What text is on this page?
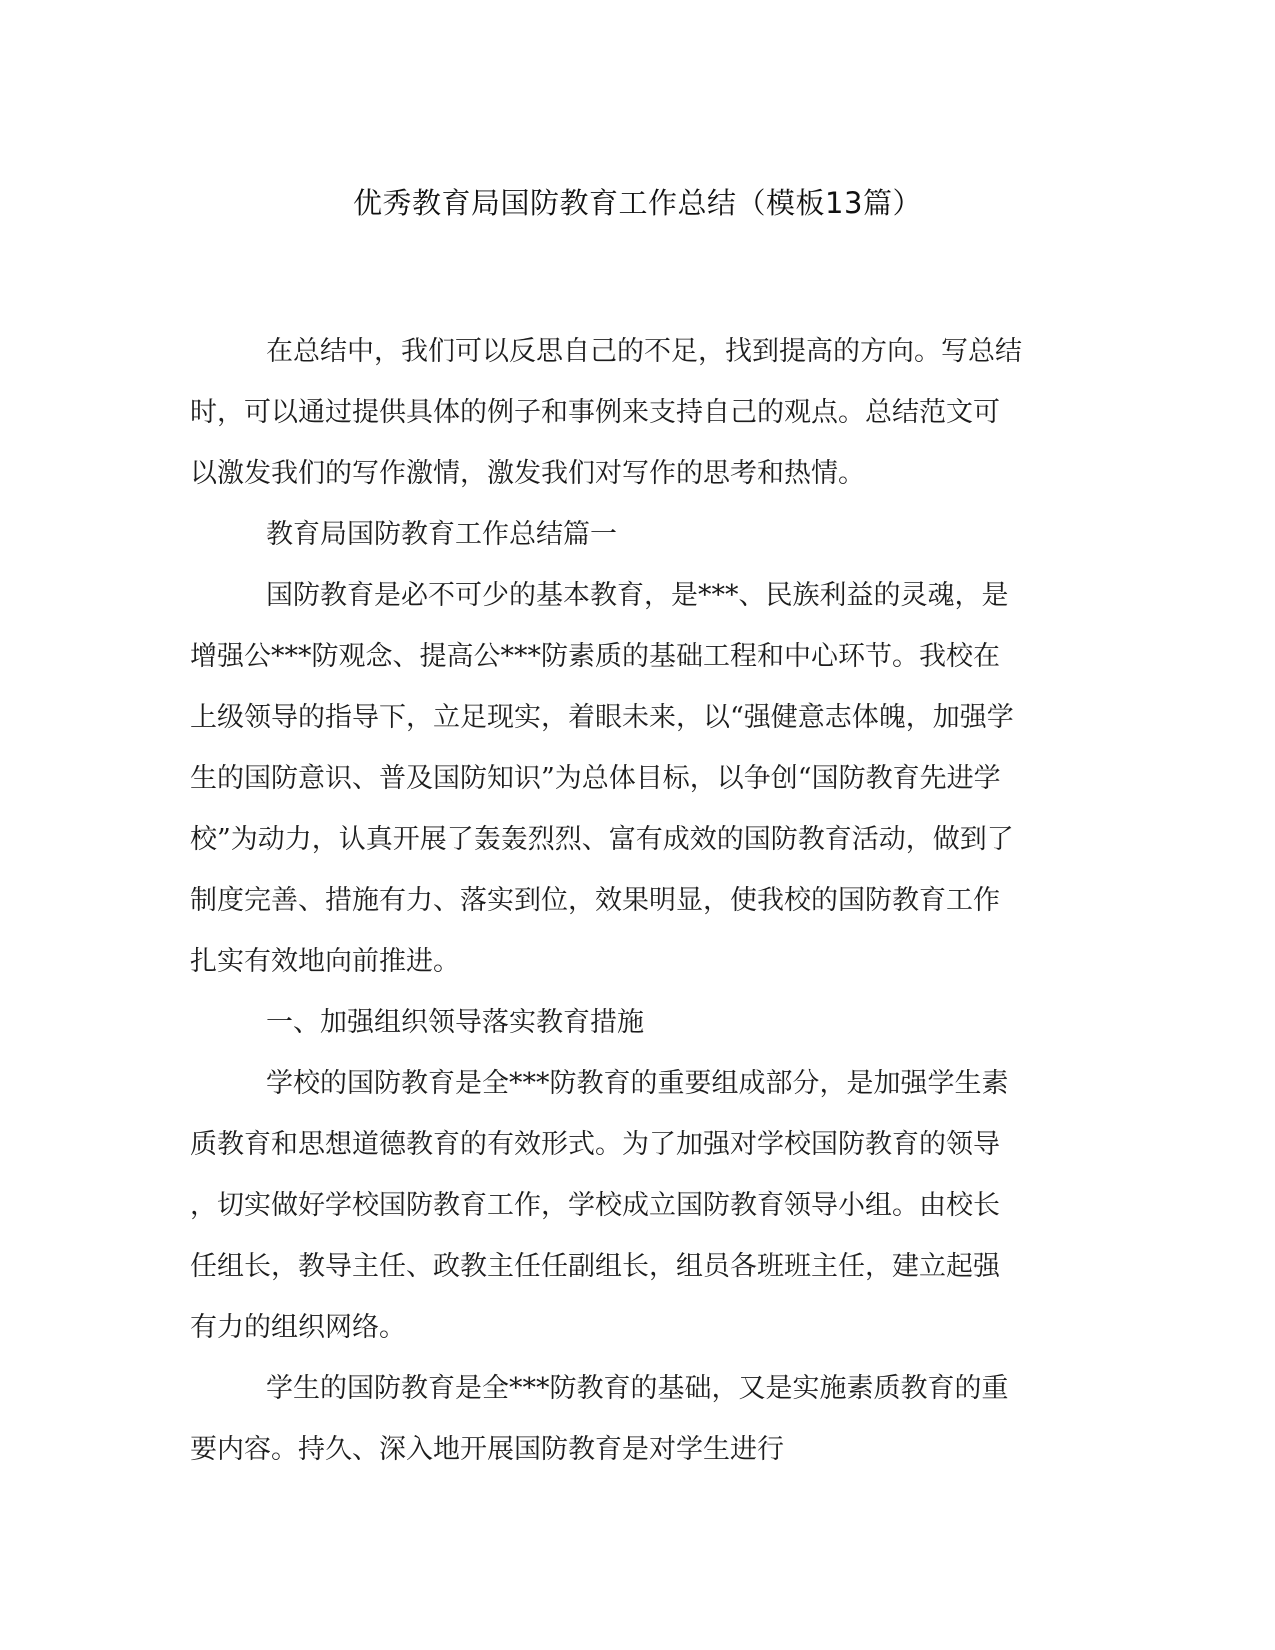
优秀教育局国防教育工作总结（模板13篇）
在总结中，我们可以反思自己的不足，找到提高的方向。写总结
时，可以通过提供具体的例子和事例来支持自己的观点。总结范文可
以激发我们的写作激情，激发我们对写作的思考和热情。
教育局国防教育工作总结篇一
国防教育是必不可少的基本教育，是***、民族利益的灵魂，是
增强公***防观念、提高公***防素质的基础工程和中心环节。我校在
上级领导的指导下，立足现实，着眼未来，以“强健意志体魄，加强学
生的国防意识、普及国防知识”为总体目标，以争创“国防教育先进学
校”为动力，认真开展了轰轰烈烈、富有成效的国防教育活动，做到了
制度完善、措施有力、落实到位，效果明显，使我校的国防教育工作
扎实有效地向前推进。
一、加强组织领导落实教育措施
学校的国防教育是全***防教育的重要组成部分，是加强学生素
质教育和思想道德教育的有效形式。为了加强对学校国防教育的领导
，切实做好学校国防教育工作，学校成立国防教育领导小组。由校长
任组长，教导主任、政教主任任副组长，组员各班班主任，建立起强
有力的组织网络。
学生的国防教育是全***防教育的基础，又是实施素质教育的重
要内容。持久、深入地开展国防教育是对学生进行
